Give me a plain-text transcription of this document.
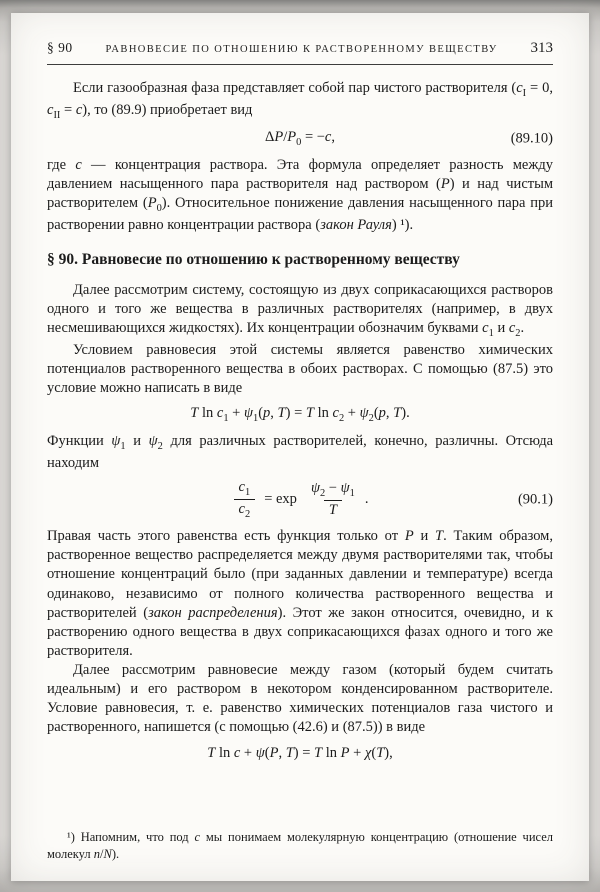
§ 90	РАВНОВЕСИЕ ПО ОТНОШЕНИЮ К РАСТВОРЕННОМУ ВЕЩЕСТВУ	313

Если газообразная фаза представляет собой пар чистого растворителя ($c_I = 0$, $c_{II} = c$), то (89.9) приобретает вид

$\Delta P/P_0 = -c$,	(89.10)

где c — концентрация раствора. Эта формула определяет разность между давлением насыщенного пара растворителя над раствором (P) и над чистым растворителем $(P_0)$. Относительное понижение давления насыщенного пара при растворении равно концентрации раствора (закон Рауля) ¹).

§ 90. Равновесие по отношению к растворенному веществу

Далее рассмотрим систему, состоящую из двух соприкасающихся растворов одного и того же вещества в различных растворителях (например, в двух несмешивающихся жидкостях). Их концентрации обозначим буквами $c_1$ и $c_2$.

Условием равновесия этой системы является равенство химических потенциалов растворенного вещества в обоих растворах. С помощью (87.5) это условие можно написать в виде

T $\ln c_1 + \psi_1(p$, T) = T $\ln c_2 + \psi_2(p$, T).

Функции $\psi_1$ и $\psi_2$ для различных растворителей, конечно, различны. Отсюда находим

$\frac{c_1}{c_2} = \exp \frac{\psi_2 - \psi_1}{T}$ .	(90.1)

Правая часть этого равенства есть функция только от P и T. Таким образом, растворенное вещество распределяется между двумя растворителями так, чтобы отношение концентраций было (при заданных давлении и температуре) всегда одинаково, независимо от полного количества растворенного вещества и растворителей (закон распределения). Этот же закон относится, очевидно, и к растворению одного вещества в двух соприкасающихся фазах одного и того же растворителя.

Далее рассмотрим равновесие между газом (который будем считать идеальным) и его раствором в некотором конденсированном растворителе. Условие равновесия, т. е. равенство химических потенциалов газа чистого и растворенного, напишется (с помощью (42.6) и (87.5)) в виде

T ln c + ψ(P, T) = T ln P + χ(T),

¹) Напомним, что под c мы понимаем молекулярную концентрацию (отношение чисел молекул n/N).
